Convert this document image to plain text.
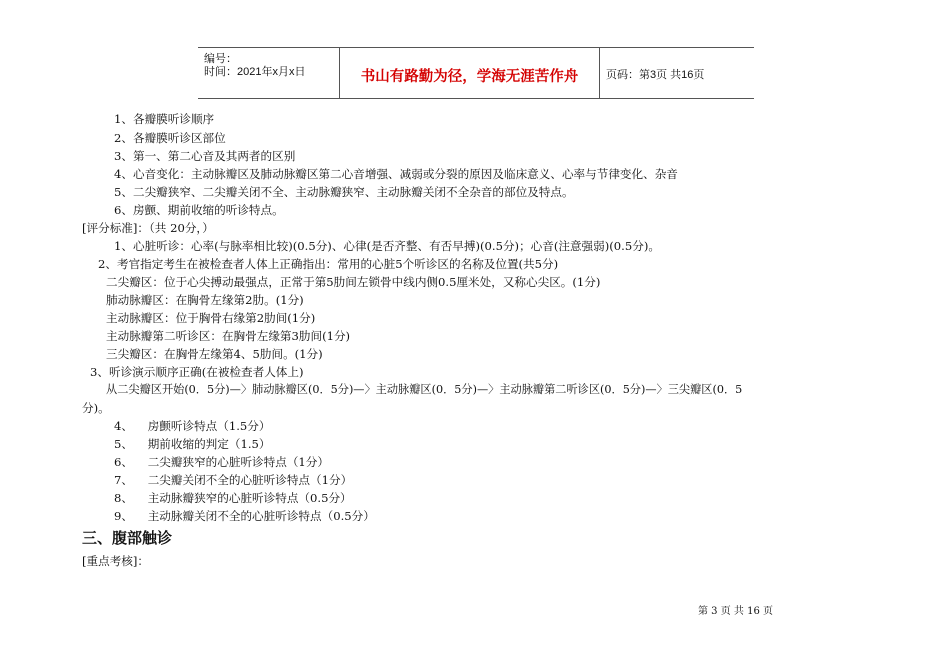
编号：
时间：2021年x月x日	书山有路勤为径，学海无涯苦作舟	页码：第3页 共16页
1、各瓣膜听诊顺序
2、各瓣膜听诊区部位
3、第一、第二心音及其两者的区别
4、心音变化：主动脉瓣区及肺动脉瓣区第二心音增强、减弱或分裂的原因及临床意义、心率与节律变化、杂音
5、二尖瓣狭窄、二尖瓣关闭不全、主动脉瓣狭窄、主动脉瓣关闭不全杂音的部位及特点。
6、房颤、期前收缩的听诊特点。
[评分标准]：（共 20分，）
1、心脏听诊：心率(与脉率相比较)(0.5分)、心律(是否齐整、有否早搏)(0.5分)；心音(注意强弱)(0.5分)。
2、考官指定考生在被检查者人体上正确指出：常用的心脏5个听诊区的名称及位置(共5分)
二尖瓣区：位于心尖搏动最强点，正常于第5肋间左锁骨中线内侧0.5厘米处，又称心尖区。(1分)
肺动脉瓣区：在胸骨左缘第2肋。(1分)
主动脉瓣区：位于胸骨右缘第2肋间(1分)
主动脉瓣第二听诊区：在胸骨左缘第3肋间(1分)
三尖瓣区：在胸骨左缘第4、5肋间。(1分)
3、听诊演示顺序正确(在被检查者人体上)
从二尖瓣区开始(0．5分)—〉肺动脉瓣区(0．5分)—〉主动脉瓣区(0．5分)—〉主动脉瓣第二听诊区(0．5分)—〉三尖瓣区(0．5
分)。
4、    房颤听诊特点（1.5分）
5、    期前收缩的判定（1.5）
6、    二尖瓣狭窄的心脏听诊特点（1分）
7、    二尖瓣关闭不全的心脏听诊特点（1分）
8、    主动脉瓣狭窄的心脏听诊特点（0.5分）
9、    主动脉瓣关闭不全的心脏听诊特点（0.5分）
三、腹部触诊
[重点考核]：
第 3 页 共 16 页
